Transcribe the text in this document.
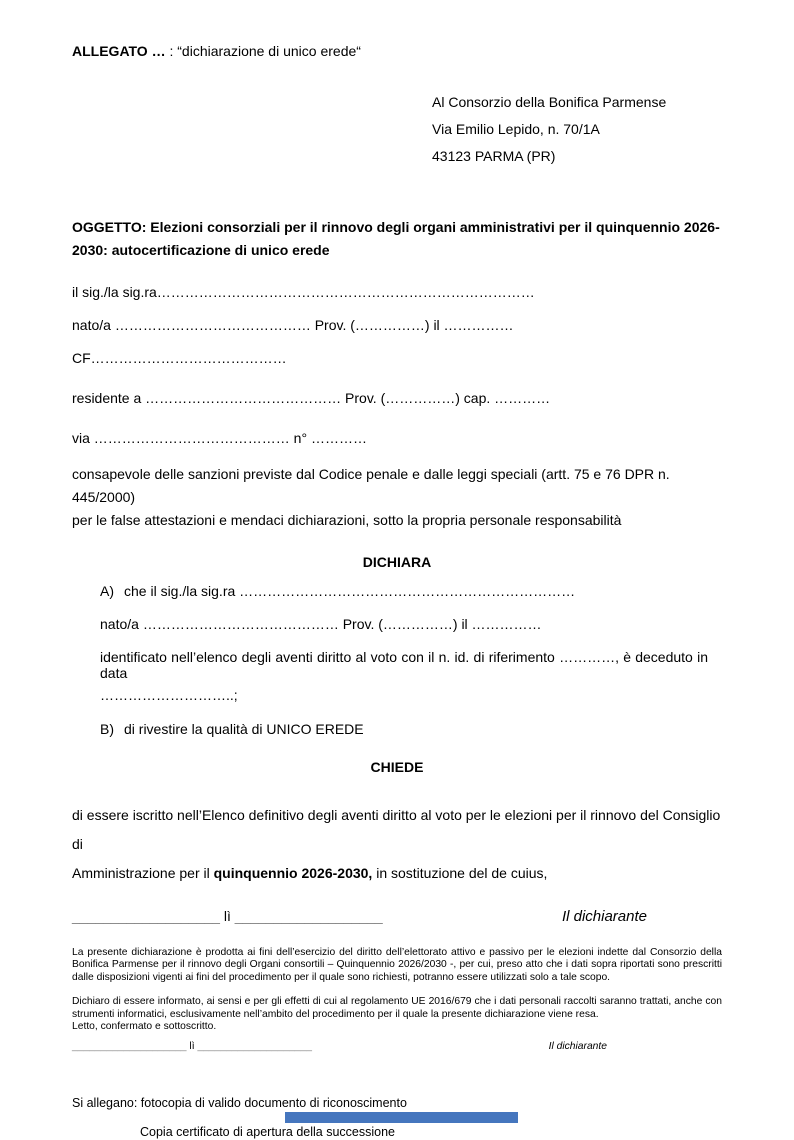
ALLEGATO … : “dichiarazione di unico erede“
Al Consorzio della Bonifica Parmense
Via Emilio Lepido, n. 70/1A
43123 PARMA (PR)
OGGETTO: Elezioni consorziali per il rinnovo degli organi amministrativi per il quinquennio 2026-
2030: autocertificazione di unico erede
il sig./la sig.ra………………………………………………………………………
nato/a …………………………………… Prov. (……………) il ……………
CF……………………………………
residente a …………………………………… Prov. (……………) cap. …………
via …………………………………… n° …………
consapevole delle sanzioni previste dal Codice penale e dalle leggi speciali (artt. 75 e 76 DPR n. 445/2000)
per le false attestazioni e mendaci dichiarazioni, sotto la propria personale responsabilità
DICHIARA
A) che il sig./la sig.ra ………………………………………………………………
nato/a …………………………………… Prov. (……………) il ……………
identificato nell’elenco degli aventi diritto al voto con il n. id. di riferimento …………, è deceduto in data
………………………..;
B) di rivestire la qualità di UNICO EREDE
CHIEDE
di essere iscritto nell’Elenco definitivo degli aventi diritto al voto per le elezioni per il rinnovo del Consiglio di
Amministrazione per il quinquennio 2026-2030, in sostituzione del de cuius,
___________________ lì ___________________	Il dichiarante
La presente dichiarazione è prodotta ai fini dell’esercizio del diritto dell’elettorato attivo e passivo per le elezioni indette dal Consorzio della Bonifica Parmense per il rinnovo degli Organi consortili – Quinquennio 2026/2030 -, per cui, preso atto che i dati sopra riportati sono prescritti dalle disposizioni vigenti ai fini del procedimento per il quale sono richiesti, potranno essere utilizzati solo a tale scopo.
Dichiaro di essere informato, ai sensi e per gli effetti di cui al regolamento UE 2016/679 che i dati personali raccolti saranno trattati, anche con strumenti informatici, esclusivamente nell’ambito del procedimento per il quale la presente dichiarazione viene resa.
Letto, confermato e sottoscritto.
____________________ lì ____________________	Il dichiarante
Si allegano: fotocopia di valido documento di riconoscimento
Copia certificato di apertura della successione
